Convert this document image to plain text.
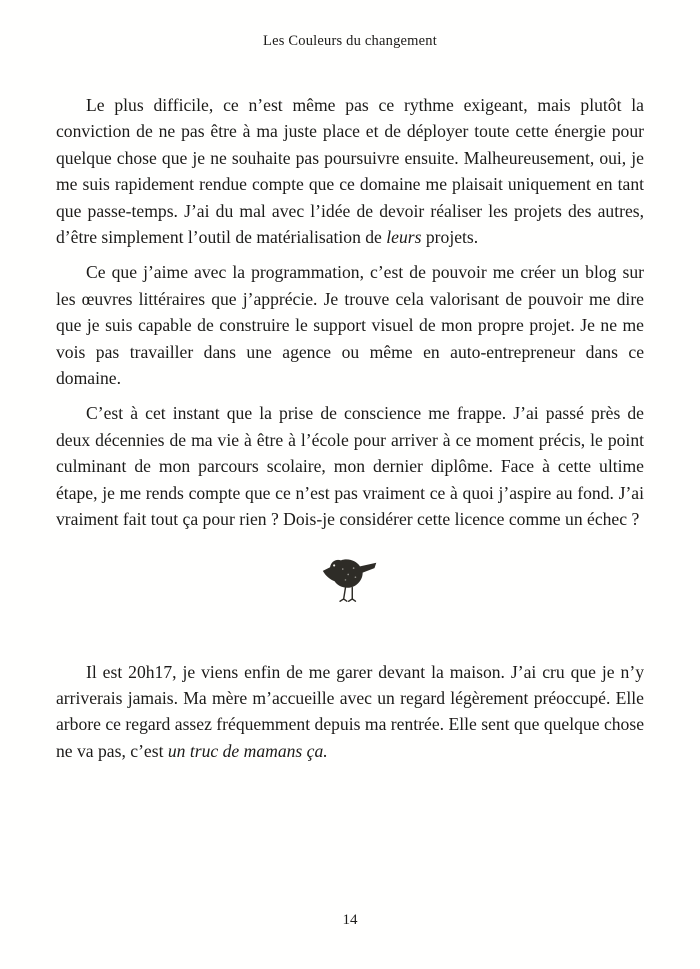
Les Couleurs du changement

Le plus difficile, ce n’est même pas ce rythme exigeant, mais plutôt la conviction de ne pas être à ma juste place et de déployer toute cette énergie pour quelque chose que je ne souhaite pas poursuivre ensuite. Malheureusement, oui, je me suis rapidement rendue compte que ce domaine me plaisait uniquement en tant que passe-temps. J’ai du mal avec l’idée de devoir réaliser les projets des autres, d’être simplement l’outil de matérialisation de leurs projets.

Ce que j’aime avec la programmation, c’est de pouvoir me créer un blog sur les œuvres littéraires que j’apprécie. Je trouve cela valorisant de pouvoir me dire que je suis capable de construire le support visuel de mon propre projet. Je ne me vois pas travailler dans une agence ou même en auto-entrepreneur dans ce domaine.

C’est à cet instant que la prise de conscience me frappe. J’ai passé près de deux décennies de ma vie à être à l’école pour arriver à ce moment précis, le point culminant de mon parcours scolaire, mon dernier diplôme. Face à cette ultime étape, je me rends compte que ce n’est pas vraiment ce à quoi j’aspire au fond. J’ai vraiment fait tout ça pour rien ? Dois-je considérer cette licence comme un échec ?

Il est 20h17, je viens enfin de me garer devant la maison. J’ai cru que je n’y arriverais jamais. Ma mère m’accueille avec un regard légèrement préoccupé. Elle arbore ce regard assez fréquemment depuis ma rentrée. Elle sent que quelque chose ne va pas, c’est un truc de mamans ça.

14
